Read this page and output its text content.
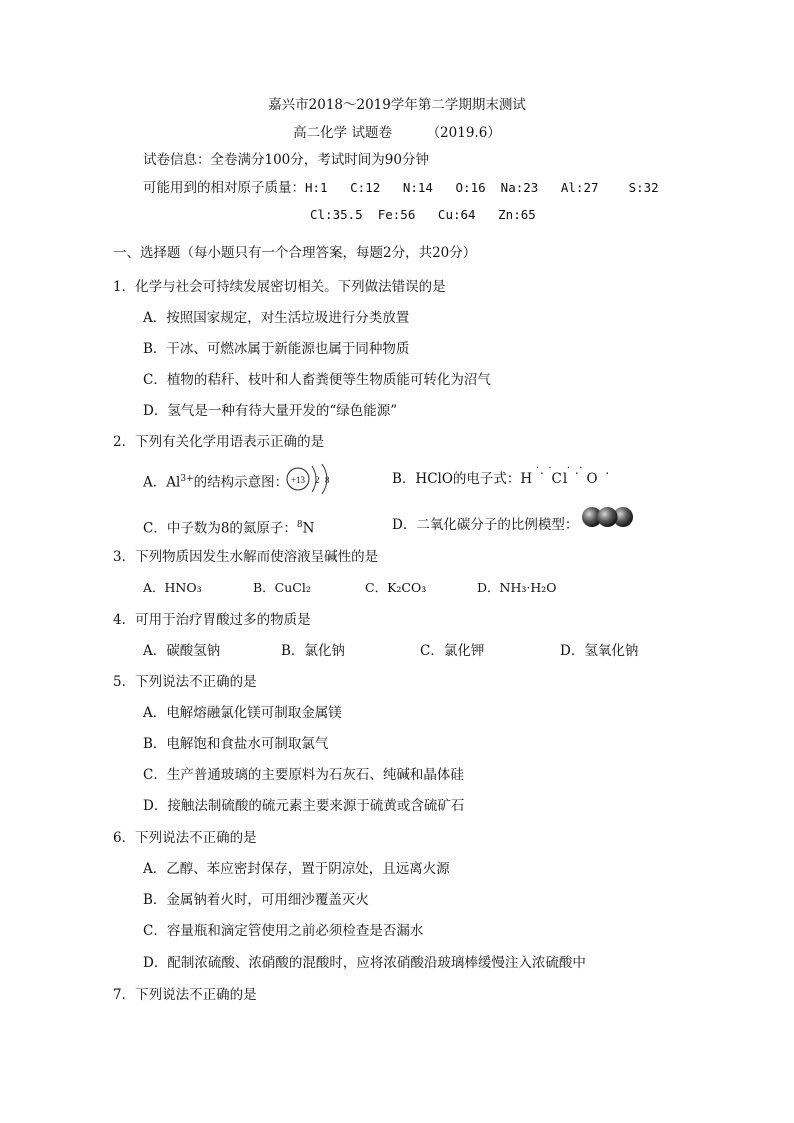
嘉兴市2018～2019学年第二学期期末测试
高二化学 试题卷	（2019.6）
试卷信息：全卷满分100分，考试时间为90分钟
可能用到的相对原子质量：H:1   C:12   N:14   O:16  Na:23   Al:27    S:32
Cl:35.5  Fe:56   Cu:64   Zn:65
一、选择题（每小题只有一个合理答案，每题2分，共20分）
1．化学与社会可持续发展密切相关。下列做法错误的是
A．按照国家规定，对生活垃圾进行分类放置
B．干冰、可燃冰属于新能源也属于同种物质
C．植物的秸秆、枝叶和人畜粪便等生物质能可转化为沼气
D．氢气是一种有待大量开发的“绿色能源”
2．下列有关化学用语表示正确的是
A．$Al^{3+}$的结构示意图： +13 2 8	B．HClO的电子式：H ˙ Cl ˙ O ˙
· ·  · ·
C．中子数为8的氮原子：$^8$N	D．二氧化碳分子的比例模型：
3．下列物质因发生水解而使溶液呈碱性的是
A．HNO₃	B．CuCl₂	C．K₂CO₃	D．NH₃·H₂O
4．可用于治疗胃酸过多的物质是
A．碳酸氢钠	B．氯化钠	C．氯化钾	D．氢氧化钠
5．下列说法不正确的是
A．电解熔融氯化镁可制取金属镁
B．电解饱和食盐水可制取氯气
C．生产普通玻璃的主要原料为石灰石、纯碱和晶体硅
D．接触法制硫酸的硫元素主要来源于硫黄或含硫矿石
6．下列说法不正确的是
A．乙醇、苯应密封保存，置于阴凉处，且远离火源
B．金属钠着火时，可用细沙覆盖灭火
C．容量瓶和滴定管使用之前必须检查是否漏水
D．配制浓硫酸、浓硝酸的混酸时，应将浓硝酸沿玻璃棒缓慢注入浓硫酸中
7．下列说法不正确的是
